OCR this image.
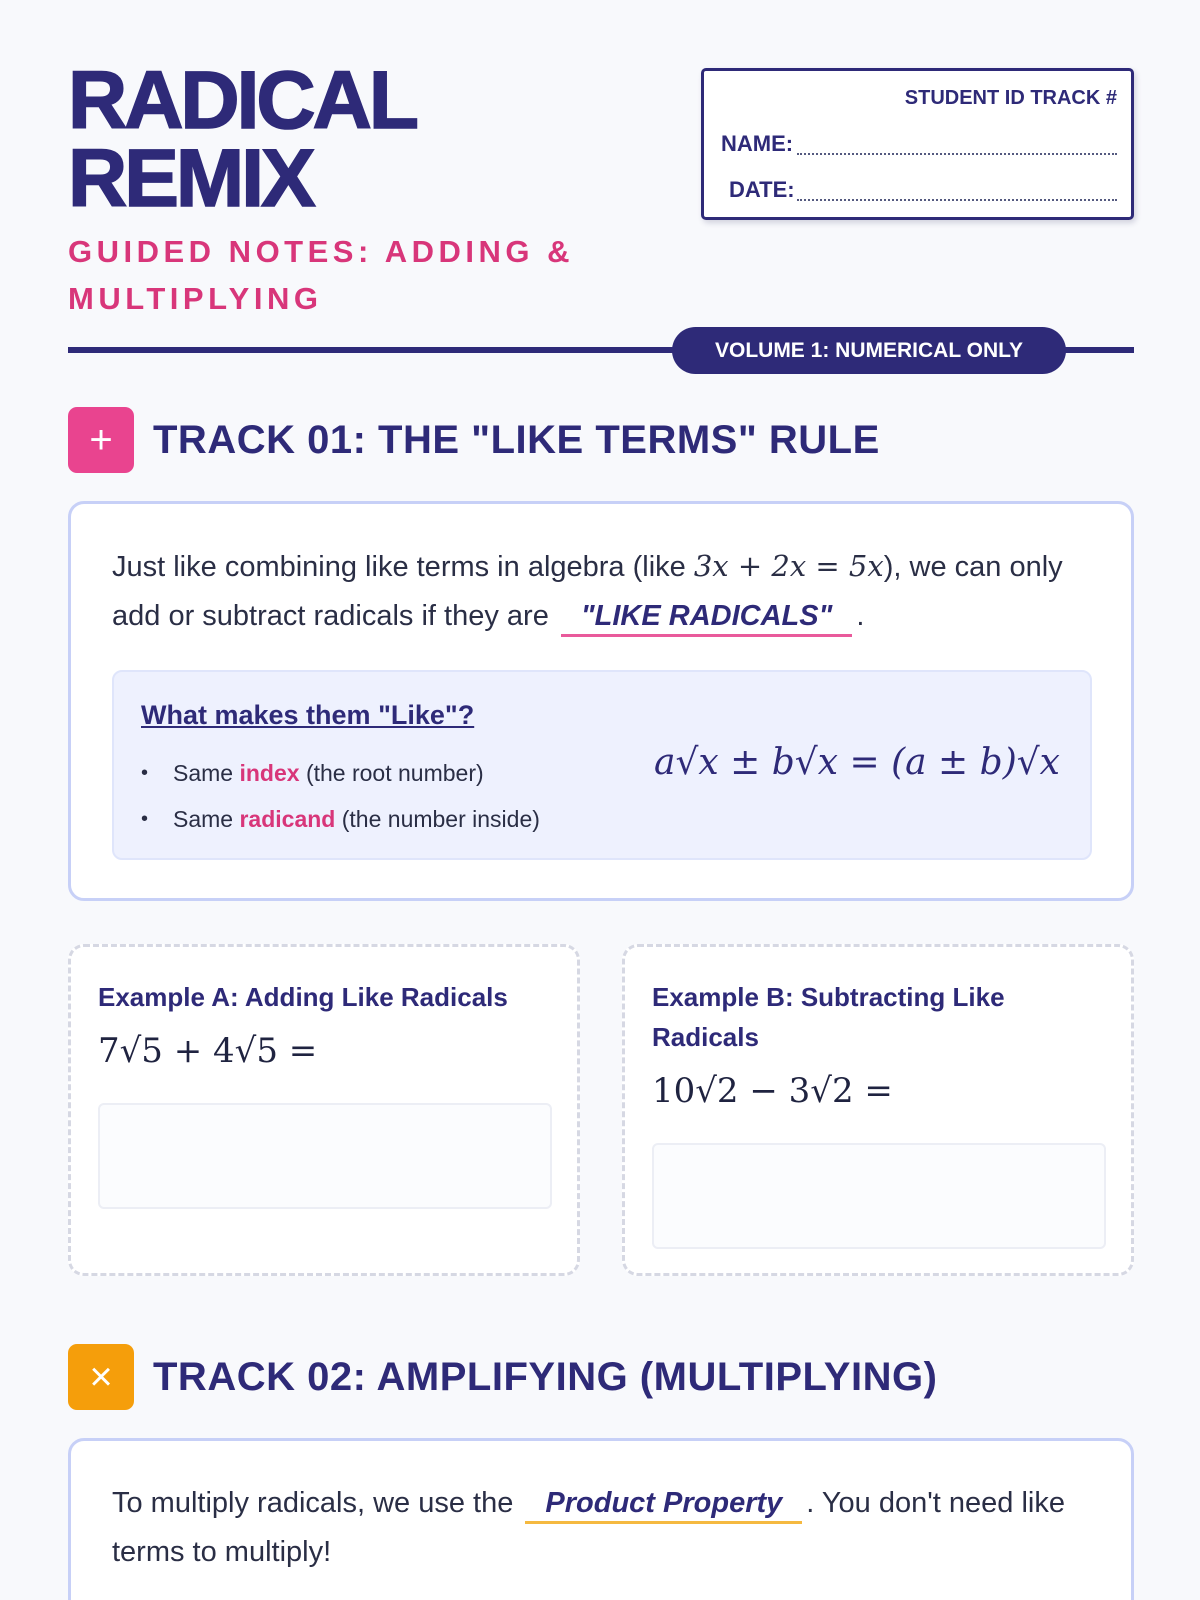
RADICAL
REMIX
GUIDED NOTES: ADDING & MULTIPLYING
STUDENT ID TRACK #
NAME:
DATE:
VOLUME 1: NUMERICAL ONLY
+	TRACK 01: THE "LIKE TERMS" RULE
Just like combining like terms in algebra (like 3x + 2x = 5x), we can only add or subtract radicals if they are "LIKE RADICALS" .
What makes them "Like"?
• Same index (the root number)
• Same radicand (the number inside)
a√x ± b√x = (a ± b)√x
Example A: Adding Like Radicals
7√5 + 4√5 =
Example B: Subtracting Like Radicals
10√2 − 3√2 =
×	TRACK 02: AMPLIFYING (MULTIPLYING)
To multiply radicals, we use the Product Property . You don't need like terms to multiply!
